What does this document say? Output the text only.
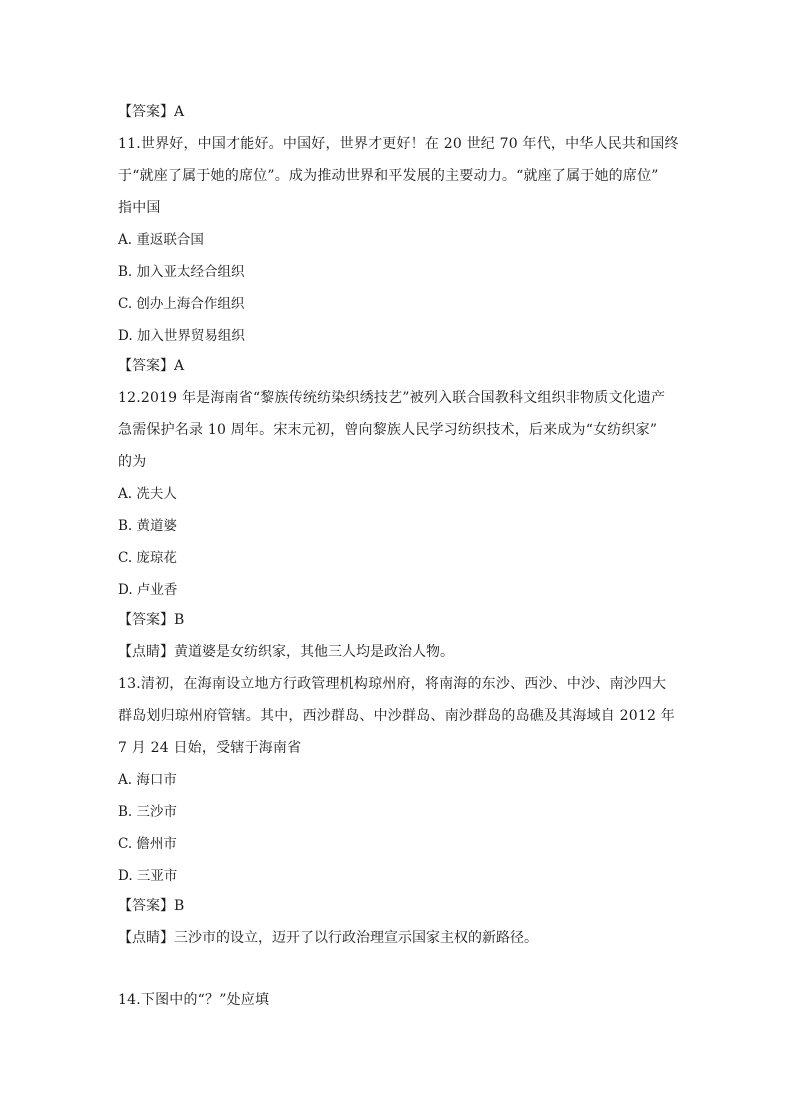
【答案】A
11.世界好，中国才能好。中国好，世界才更好！在 20 世纪 70 年代，中华人民共和国终
于“就座了属于她的席位”。成为推动世界和平发展的主要动力。“就座了属于她的席位”
指中国
A. 重返联合国
B. 加入亚太经合组织
C. 创办上海合作组织
D. 加入世界贸易组织
【答案】A
12.2019 年是海南省“黎族传统纺染织绣技艺”被列入联合国教科文组织非物质文化遗产
急需保护名录 10 周年。宋末元初，曾向黎族人民学习纺织技术，后来成为“女纺织家”
的为
A. 冼夫人
B. 黄道婆
C. 庞琼花
D. 卢业香
【答案】B
【点睛】黄道婆是女纺织家，其他三人均是政治人物。
13.清初，在海南设立地方行政管理机构琼州府，将南海的东沙、西沙、中沙、南沙四大
群岛划归琼州府管辖。其中，西沙群岛、中沙群岛、南沙群岛的岛礁及其海域自 2012 年
7 月 24 日始，受辖于海南省
A. 海口市
B. 三沙市
C. 儋州市
D. 三亚市
【答案】B
【点睛】三沙市的设立，迈开了以行政治理宣示国家主权的新路径。
14.下图中的“？”处应填
